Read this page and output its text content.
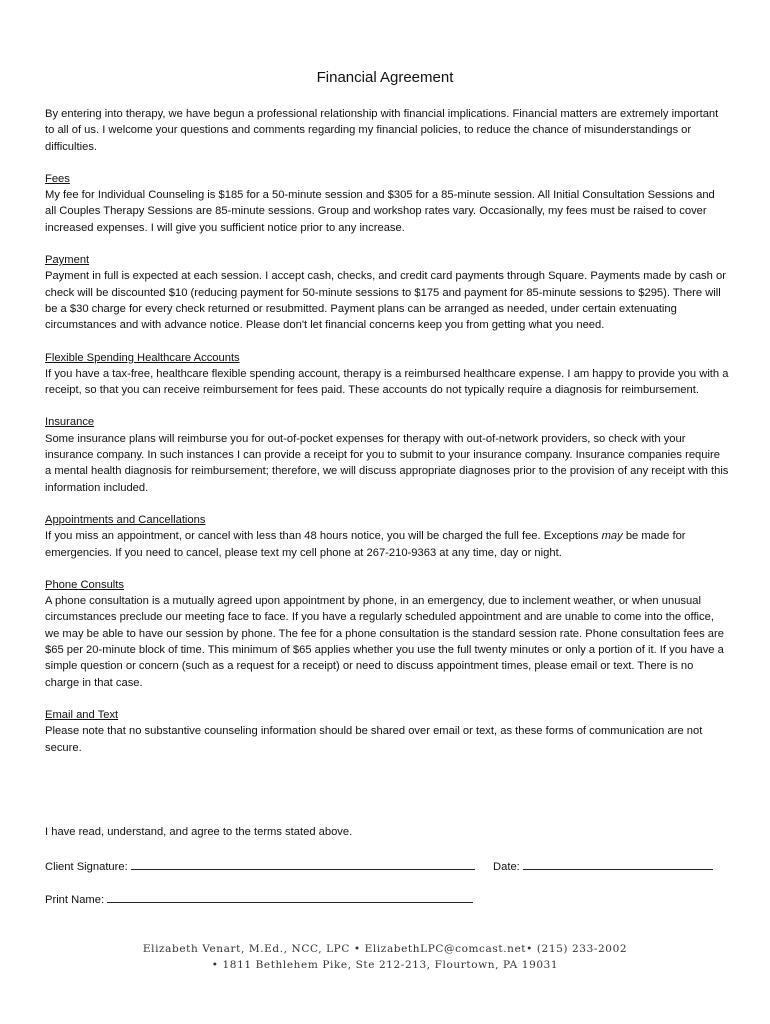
Financial Agreement

By entering into therapy, we have begun a professional relationship with financial implications. Financial matters are extremely important to all of us. I welcome your questions and comments regarding my financial policies, to reduce the chance of misunderstandings or difficulties.

Fees

My fee for Individual Counseling is $185 for a 50-minute session and $305 for a 85-minute session. All Initial Consultation Sessions and all Couples Therapy Sessions are 85-minute sessions. Group and workshop rates vary. Occasionally, my fees must be raised to cover increased expenses. I will give you sufficient notice prior to any increase.

Payment

Payment in full is expected at each session. I accept cash, checks, and credit card payments through Square. Payments made by cash or check will be discounted $10 (reducing payment for 50-minute sessions to $175 and payment for 85-minute sessions to $295). There will be a $30 charge for every check returned or resubmitted. Payment plans can be arranged as needed, under certain extenuating circumstances and with advance notice. Please don't let financial concerns keep you from getting what you need.

Flexible Spending Healthcare Accounts

If you have a tax-free, healthcare flexible spending account, therapy is a reimbursed healthcare expense. I am happy to provide you with a receipt, so that you can receive reimbursement for fees paid. These accounts do not typically require a diagnosis for reimbursement.

Insurance

Some insurance plans will reimburse you for out-of-pocket expenses for therapy with out-of-network providers, so check with your insurance company. In such instances I can provide a receipt for you to submit to your insurance company. Insurance companies require a mental health diagnosis for reimbursement; therefore, we will discuss appropriate diagnoses prior to the provision of any receipt with this information included.

Appointments and Cancellations

If you miss an appointment, or cancel with less than 48 hours notice, you will be charged the full fee. Exceptions may be made for emergencies. If you need to cancel, please text my cell phone at 267-210-9363 at any time, day or night.

Phone Consults

A phone consultation is a mutually agreed upon appointment by phone, in an emergency, due to inclement weather, or when unusual circumstances preclude our meeting face to face. If you have a regularly scheduled appointment and are unable to come into the office, we may be able to have our session by phone. The fee for a phone consultation is the standard session rate. Phone consultation fees are $65 per 20-minute block of time. This minimum of $65 applies whether you use the full twenty minutes or only a portion of it. If you have a simple question or concern (such as a request for a receipt) or need to discuss appointment times, please email or text. There is no charge in that case.

Email and Text

Please note that no substantive counseling information should be shared over email or text, as these forms of communication are not secure.

I have read, understand, and agree to the terms stated above.
Client Signature:	Date:
Print Name:
Elizabeth Venart, M.Ed., NCC, LPC • ElizabethLPC@comcast.net• (215) 233-2002
• 1811 Bethlehem Pike, Ste 212-213, Flourtown, PA 19031
